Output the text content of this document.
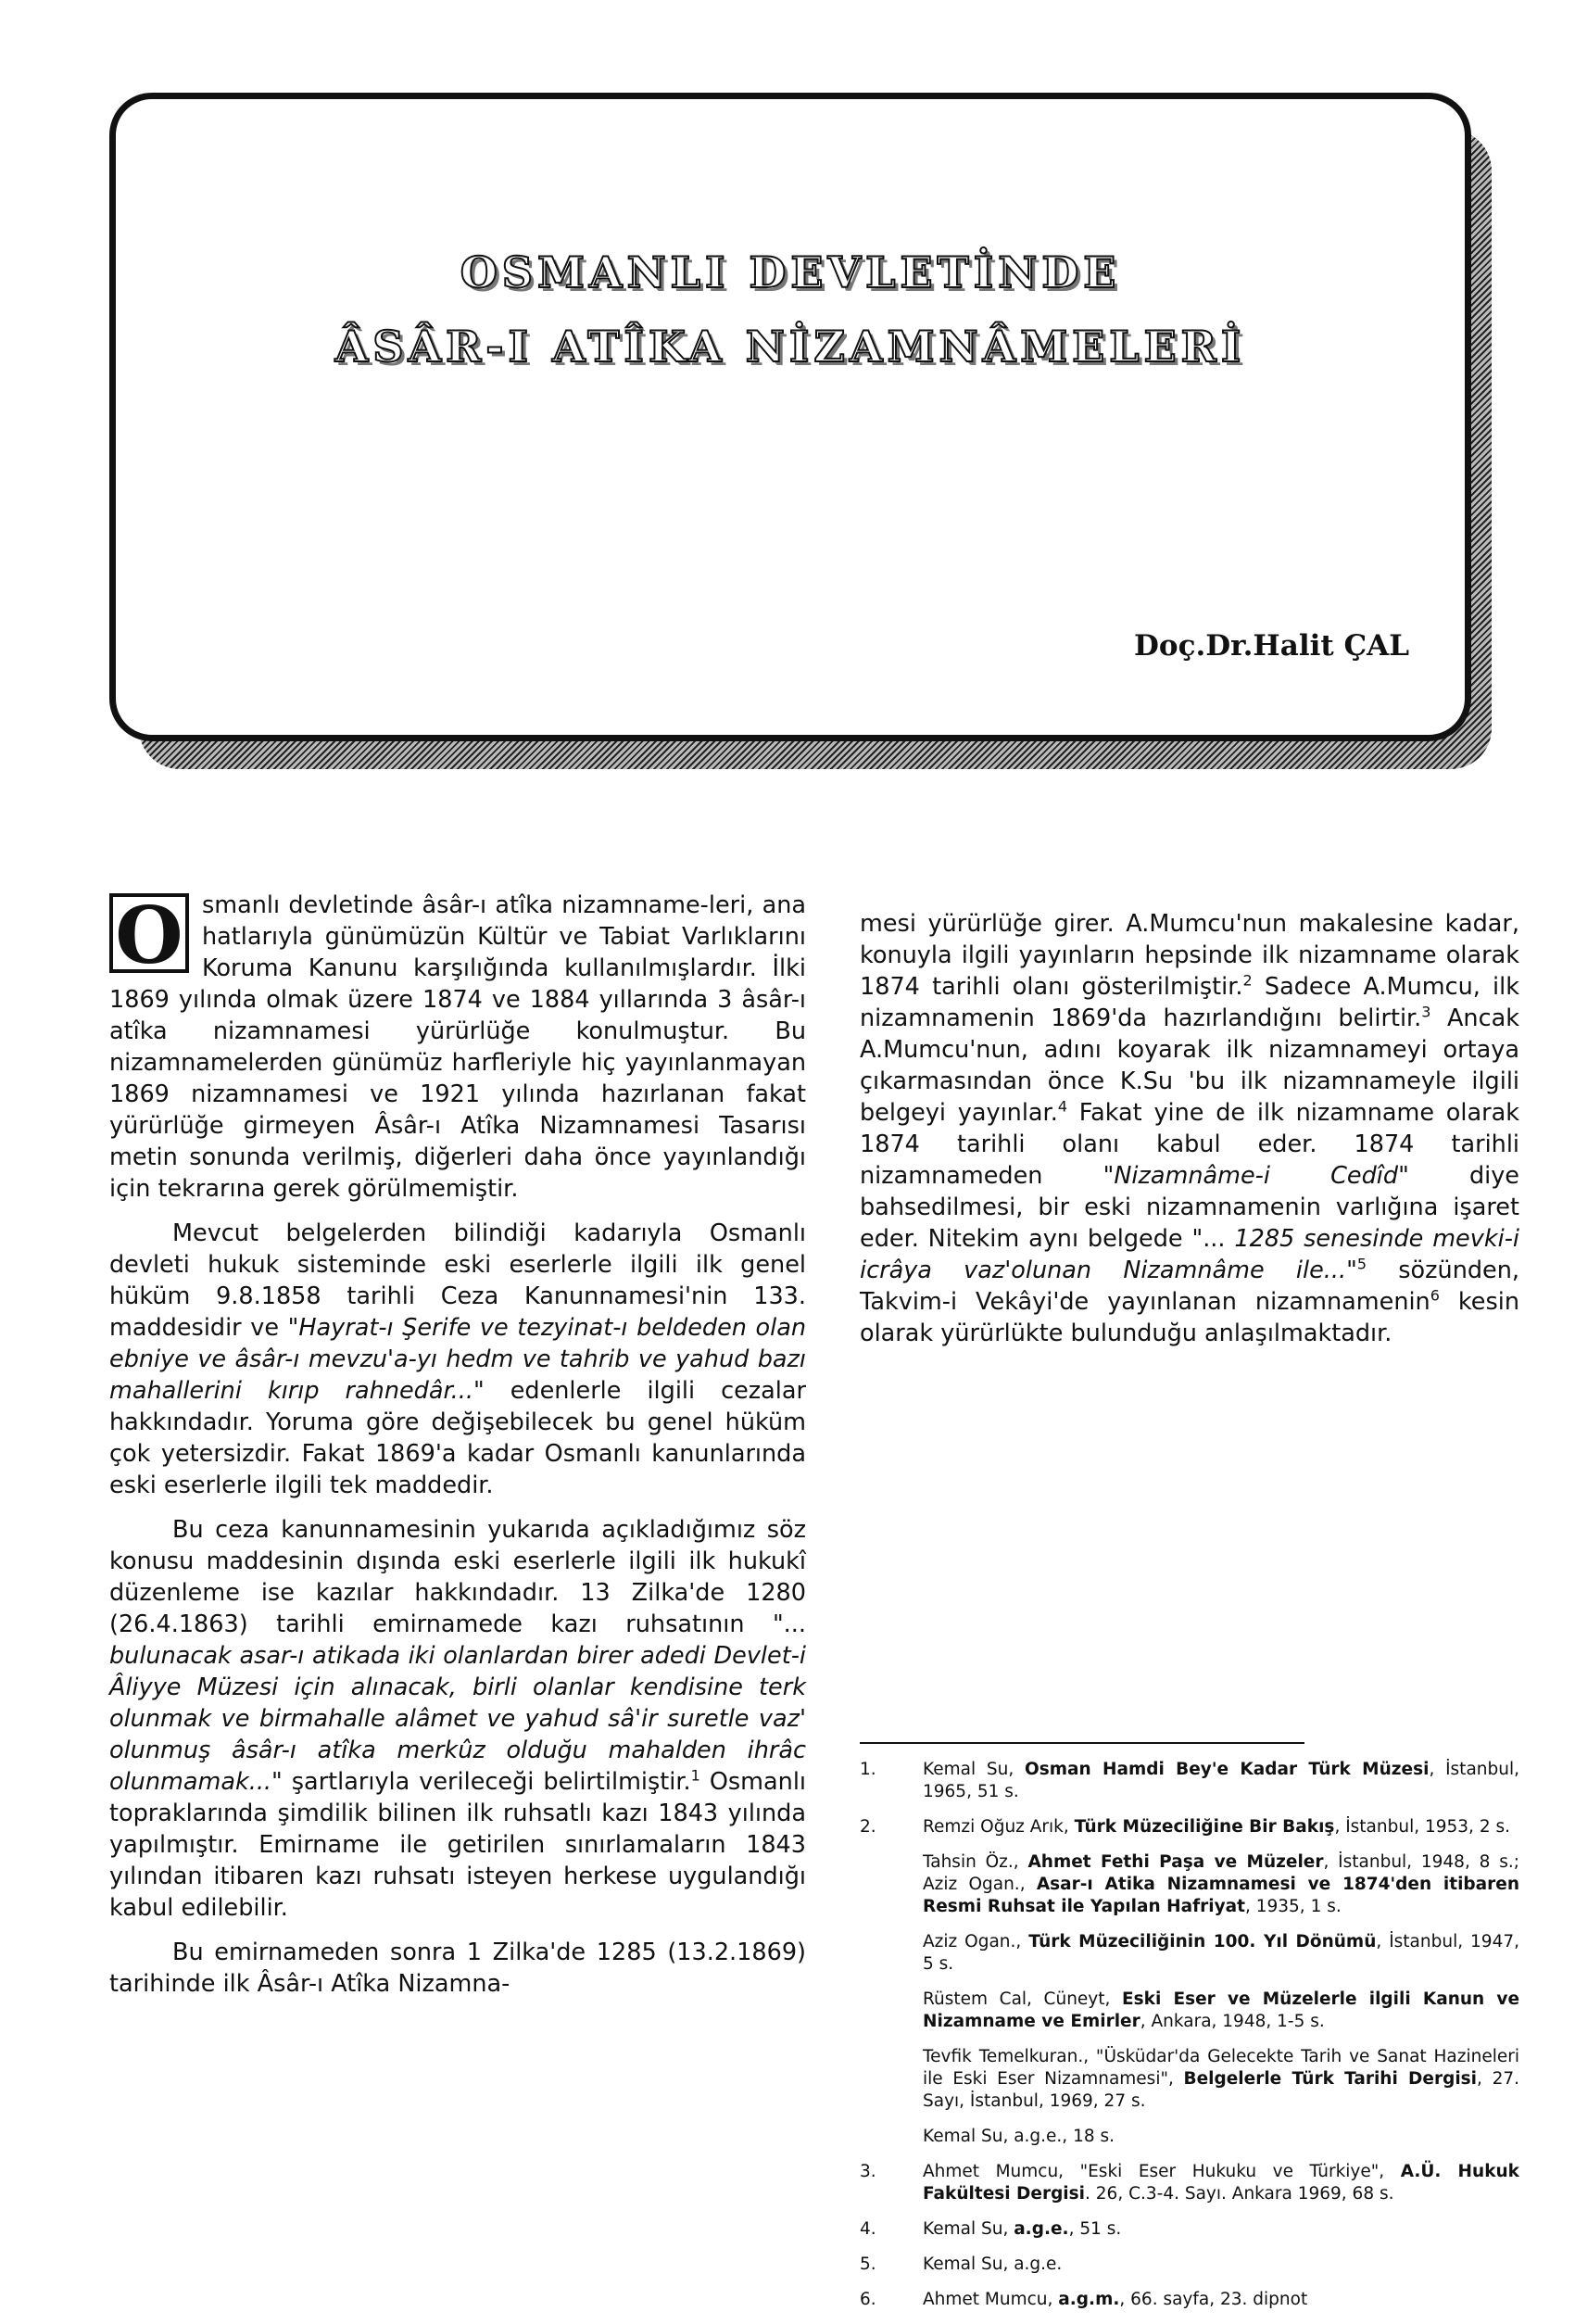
OSMANLI DEVLETİNDE
ÂSÂR-I ATÎKA NİZAMNÂMELERİ
Doç.Dr.Halit ÇAL

O smanlı devletinde âsâr-ı atîka nizamname-leri, ana hatlarıyla günümüzün Kültür ve Tabiat Varlıklarını Koruma Kanunu karşılığında kullanılmışlardır. İlki 1869 yılında olmak üzere 1874 ve 1884 yıllarında 3 âsâr-ı atîka nizamnamesi yürürlüğe konulmuştur. Bu nizamnamelerden günümüz harfleriyle hiç yayınlanmayan 1869 nizamnamesi ve 1921 yılında hazırlanan fakat yürürlüğe girmeyen Âsâr-ı Atîka Nizamnamesi Tasarısı metin sonunda verilmiş, diğerleri daha önce yayınlandığı için tekrarına gerek görülmemiştir.

Mevcut belgelerden bilindiği kadarıyla Osmanlı devleti hukuk sisteminde eski eserlerle ilgili ilk genel hüküm 9.8.1858 tarihli Ceza Kanunnamesi'nin 133. maddesidir ve "Hayrat-ı Şerife ve tezyinat-ı beldeden olan ebniye ve âsâr-ı mevzu'a-yı hedm ve tahrib ve yahud bazı mahallerini kırıp rahnedâr..." edenlerle ilgili cezalar hakkındadır. Yoruma göre değişebilecek bu genel hüküm çok yetersizdir. Fakat 1869'a kadar Osmanlı kanunlarında eski eserlerle ilgili tek maddedir.

Bu ceza kanunnamesinin yukarıda açıkladığımız söz konusu maddesinin dışında eski eserlerle ilgili ilk hukukî düzenleme ise kazılar hakkındadır. 13 Zilka'de 1280 (26.4.1863) tarihli emirnamede kazı ruhsatının "... bulunacak asar-ı atikada iki olanlardan birer adedi Devlet-i Âliyye Müzesi için alınacak, birli olanlar kendisine terk olunmak ve birmahalle alâmet ve yahud sâ'ir suretle vaz' olunmuş âsâr-ı atîka merkûz olduğu mahalden ihrâc olunmamak..." şartlarıyla verileceği belirtilmiştir.$^1$ Osmanlı topraklarında şimdilik bilinen ilk ruhsatlı kazı 1843 yılında yapılmıştır. Emirname ile getirilen sınırlamaların 1843 yılından itibaren kazı ruhsatı isteyen herkese uygulandığı kabul edilebilir.

Bu emirnameden sonra 1 Zilka'de 1285 (13.2.1869) tarihinde ilk Âsâr-ı Atîka Nizamna-

mesi yürürlüğe girer. A.Mumcu'nun makalesine kadar, konuyla ilgili yayınların hepsinde ilk nizamname olarak 1874 tarihli olanı gösterilmiştir.$^2$ Sadece A.Mumcu, ilk nizamnamenin 1869'da hazırlandığını belirtir.$^3$ Ancak A.Mumcu'nun, adını koyarak ilk nizamnameyi ortaya çıkarmasından önce K.Su 'bu ilk nizamnameyle ilgili belgeyi yayınlar.$^4$ Fakat yine de ilk nizamname olarak 1874 tarihli olanı kabul eder. 1874 tarihli nizamnameden "Nizamnâme-i Cedîd" diye bahsedilmesi, bir eski nizamnamenin varlığına işaret eder. Nitekim aynı belgede "... 1285 senesinde mevki-i icrâya vaz'olunan Nizamnâme ile..."$^5$ sözünden, Takvim-i Vekâyi'de yayınlanan nizamnamenin$^6$ kesin olarak yürürlükte bulunduğu anlaşılmaktadır.

1.	Kemal Su, Osman Hamdi Bey'e Kadar Türk Müzesi, İstanbul, 1965, 51 s.
2.	Remzi Oğuz Arık, Türk Müzeciliğine Bir Bakış, İstanbul, 1953, 2 s.
Tahsin Öz., Ahmet Fethi Paşa ve Müzeler, İstanbul, 1948, 8 s.; Aziz Ogan., Asar-ı Atika Nizamnamesi ve 1874'den itibaren Resmi Ruhsat ile Yapılan Hafriyat, 1935, 1 s.
Aziz Ogan., Türk Müzeciliğinin 100. Yıl Dönümü, İstanbul, 1947, 5 s.
Rüstem Cal, Cüneyt, Eski Eser ve Müzelerle ilgili Kanun ve Nizamname ve Emirler, Ankara, 1948, 1-5 s.
Tevfik Temelkuran., "Üsküdar'da Gelecekte Tarih ve Sanat Hazineleri ile Eski Eser Nizamnamesi", Belgelerle Türk Tarihi Dergisi, 27. Sayı, İstanbul, 1969, 27 s.
Kemal Su, a.g.e., 18 s.
3.	Ahmet Mumcu, "Eski Eser Hukuku ve Türkiye", A.Ü. Hukuk Fakültesi Dergisi. 26, C.3-4. Sayı. Ankara 1969, 68 s.
4.	Kemal Su, a.g.e., 51 s.
5.	Kemal Su, a.g.e.
6.	Ahmet Mumcu, a.g.m., 66. sayfa, 23. dipnot
